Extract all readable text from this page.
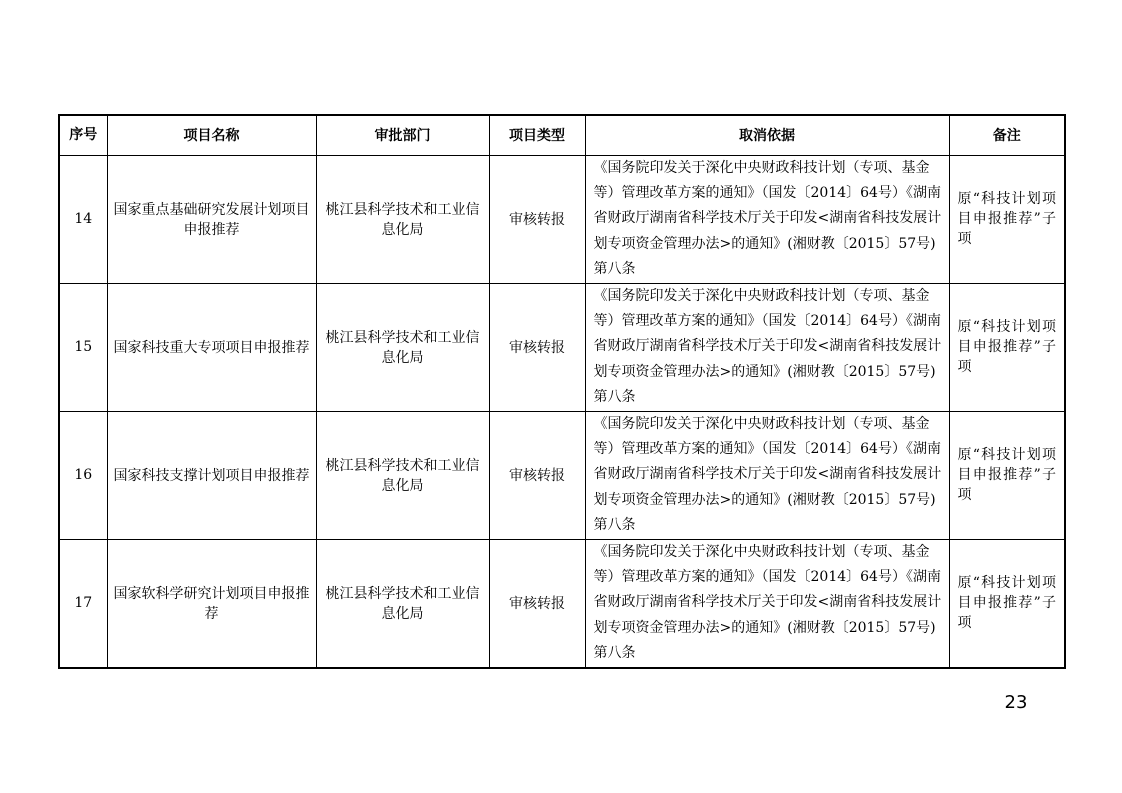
序号	项目名称	审批部门	项目类型	取消依据	备注
14	国家重点基础研究发展计划项目申报推荐	桃江县科学技术和工业信息化局	审核转报	《国务院印发关于深化中央财政科技计划（专项、基金等）管理改革方案的通知》（国发〔2014〕64号）《湖南省财政厅湖南省科学技术厅关于印发<湖南省科技发展计划专项资金管理办法>的通知》(湘财教〔2015〕57号)第八条	原“科技计划项目申报推荐”子项
15	国家科技重大专项项目申报推荐	桃江县科学技术和工业信息化局	审核转报	《国务院印发关于深化中央财政科技计划（专项、基金等）管理改革方案的通知》（国发〔2014〕64号）《湖南省财政厅湖南省科学技术厅关于印发<湖南省科技发展计划专项资金管理办法>的通知》(湘财教〔2015〕57号)第八条	原“科技计划项目申报推荐”子项
16	国家科技支撑计划项目申报推荐	桃江县科学技术和工业信息化局	审核转报	《国务院印发关于深化中央财政科技计划（专项、基金等）管理改革方案的通知》（国发〔2014〕64号）《湖南省财政厅湖南省科学技术厅关于印发<湖南省科技发展计划专项资金管理办法>的通知》(湘财教〔2015〕57号)第八条	原“科技计划项目申报推荐”子项
17	国家软科学研究计划项目申报推荐	桃江县科学技术和工业信息化局	审核转报	《国务院印发关于深化中央财政科技计划（专项、基金等）管理改革方案的通知》（国发〔2014〕64号）《湖南省财政厅湖南省科学技术厅关于印发<湖南省科技发展计划专项资金管理办法>的通知》(湘财教〔2015〕57号)第八条	原“科技计划项目申报推荐”子项
23
